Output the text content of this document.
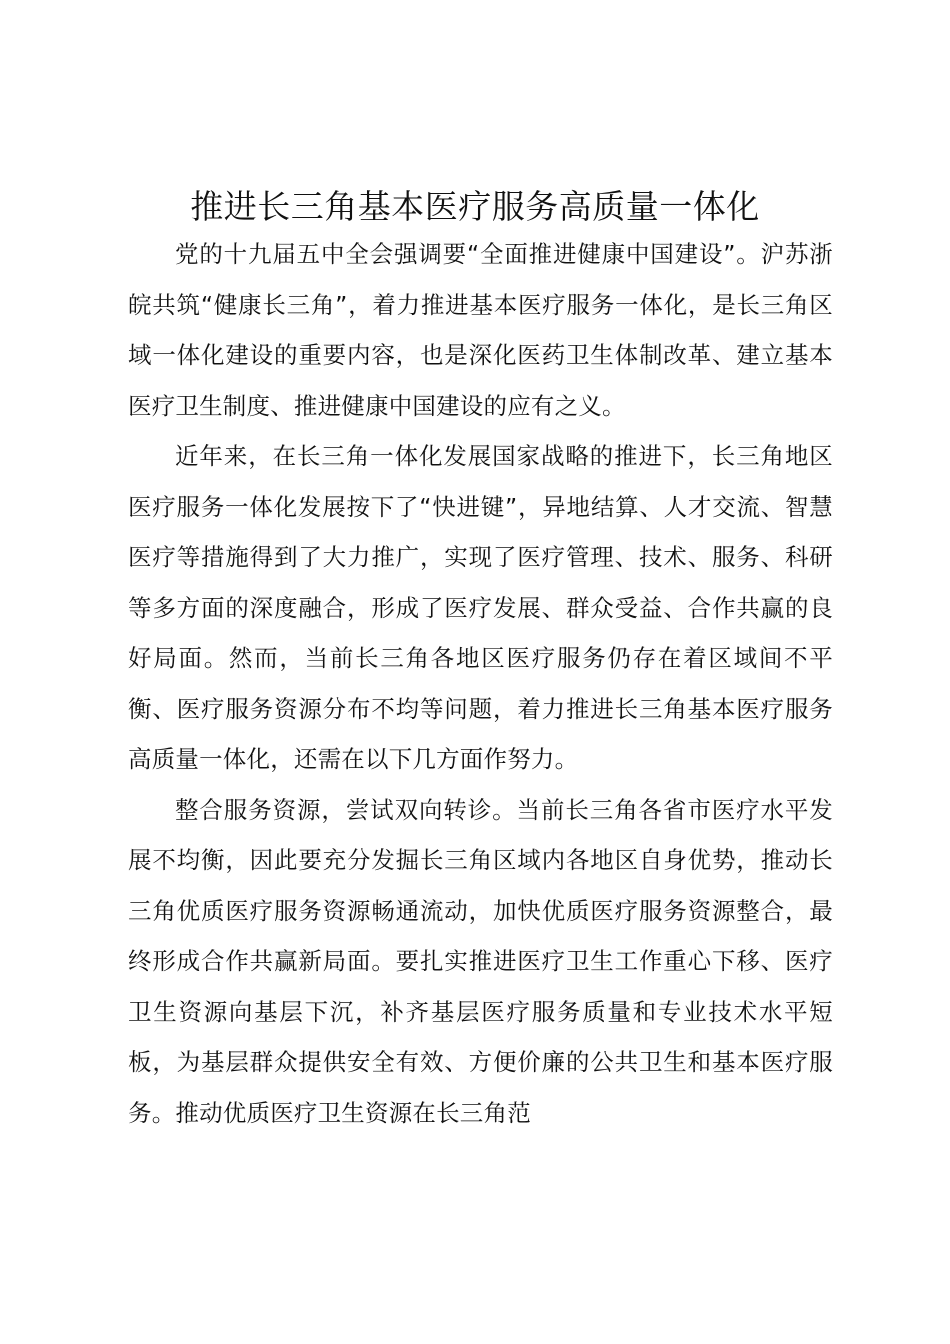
推进长三角基本医疗服务高质量一体化

党的十九届五中全会强调要“全面推进健康中国建设”。沪苏浙皖共筑“健康长三角”，着力推进基本医疗服务一体化，是长三角区域一体化建设的重要内容，也是深化医药卫生体制改革、建立基本医疗卫生制度、推进健康中国建设的应有之义。

近年来，在长三角一体化发展国家战略的推进下，长三角地区医疗服务一体化发展按下了“快进键”，异地结算、人才交流、智慧医疗等措施得到了大力推广，实现了医疗管理、技术、服务、科研等多方面的深度融合，形成了医疗发展、群众受益、合作共赢的良好局面。然而，当前长三角各地区医疗服务仍存在着区域间不平衡、医疗服务资源分布不均等问题，着力推进长三角基本医疗服务高质量一体化，还需在以下几方面作努力。

整合服务资源，尝试双向转诊。当前长三角各省市医疗水平发展不均衡，因此要充分发掘长三角区域内各地区自身优势，推动长三角优质医疗服务资源畅通流动，加快优质医疗服务资源整合，最终形成合作共赢新局面。要扎实推进医疗卫生工作重心下移、医疗卫生资源向基层下沉，补齐基层医疗服务质量和专业技术水平短板，为基层群众提供安全有效、方便价廉的公共卫生和基本医疗服务。推动优质医疗卫生资源在长三角范
